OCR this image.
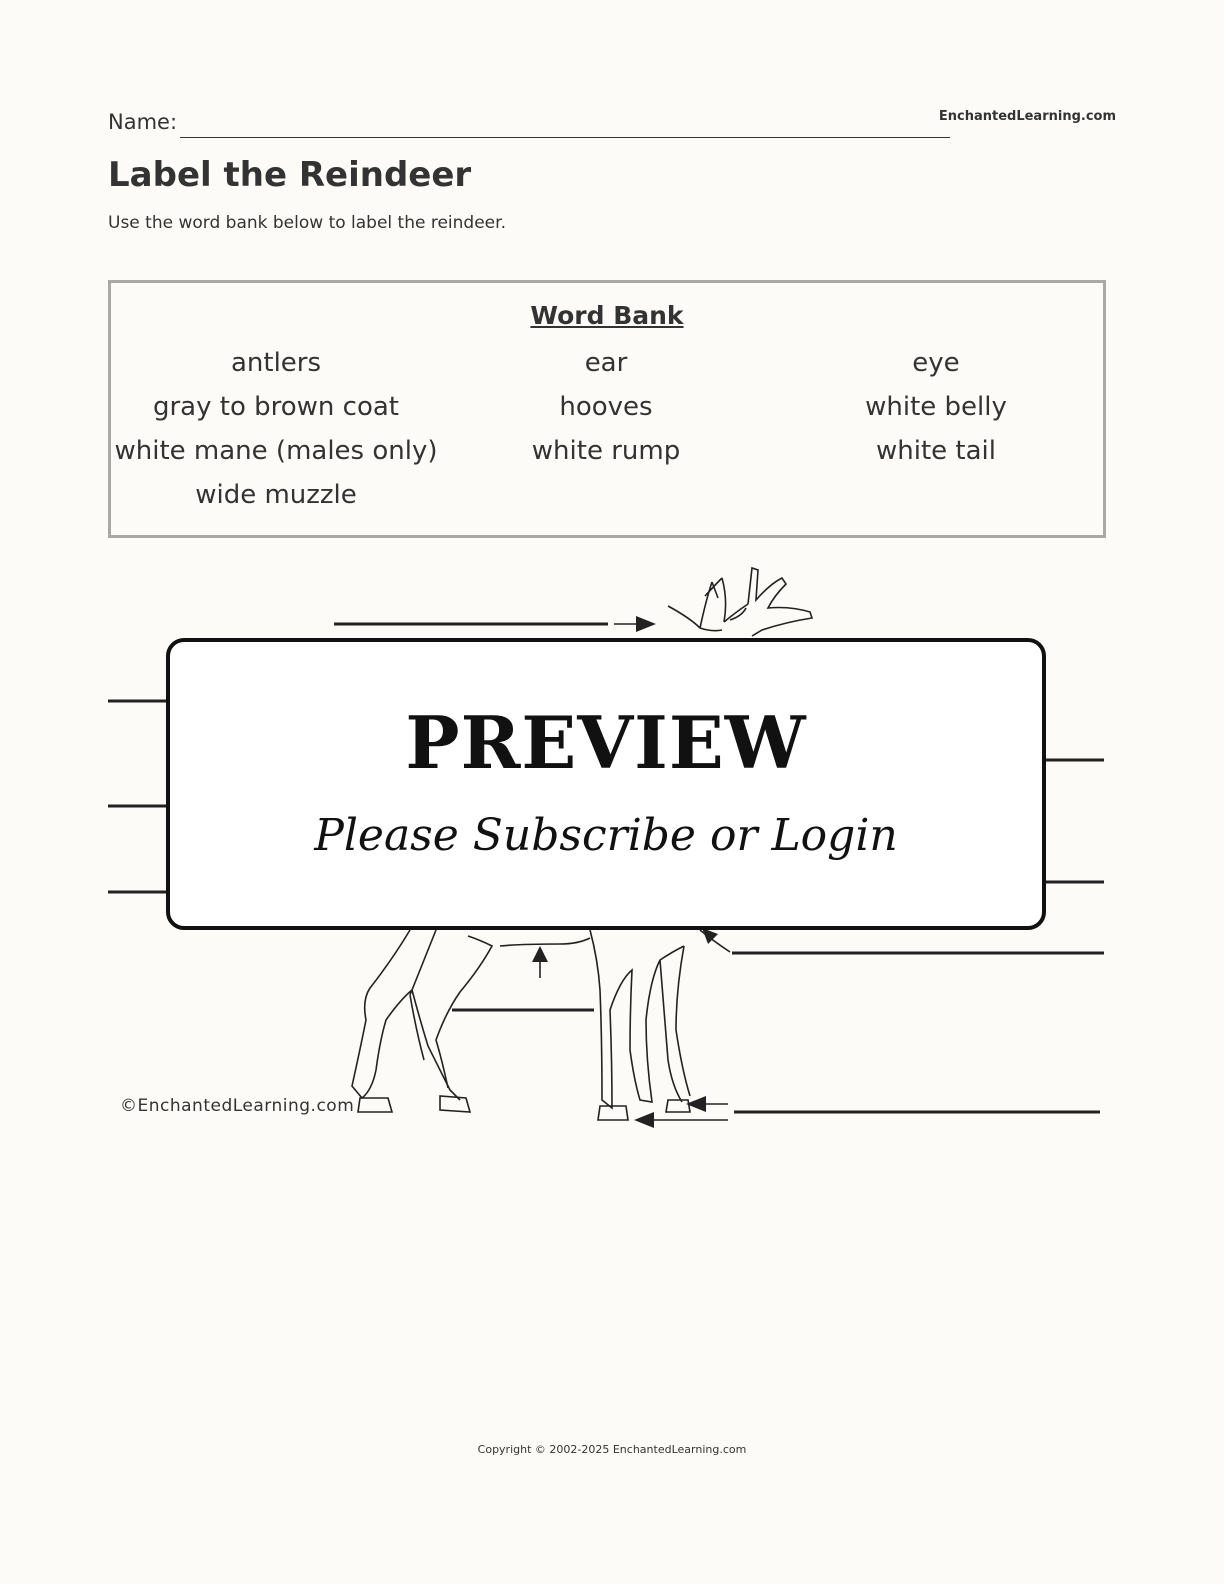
Name:	EnchantedLearning.com
Label the Reindeer
Use the word bank below to label the reindeer.
Word Bank
antlers	ear	eye
gray to brown coat	hooves	white belly
white mane (males only)	white rump	white tail
wide muzzle
PREVIEW
Please Subscribe or Login
©EnchantedLearning.com
Copyright © 2002-2025 EnchantedLearning.com
